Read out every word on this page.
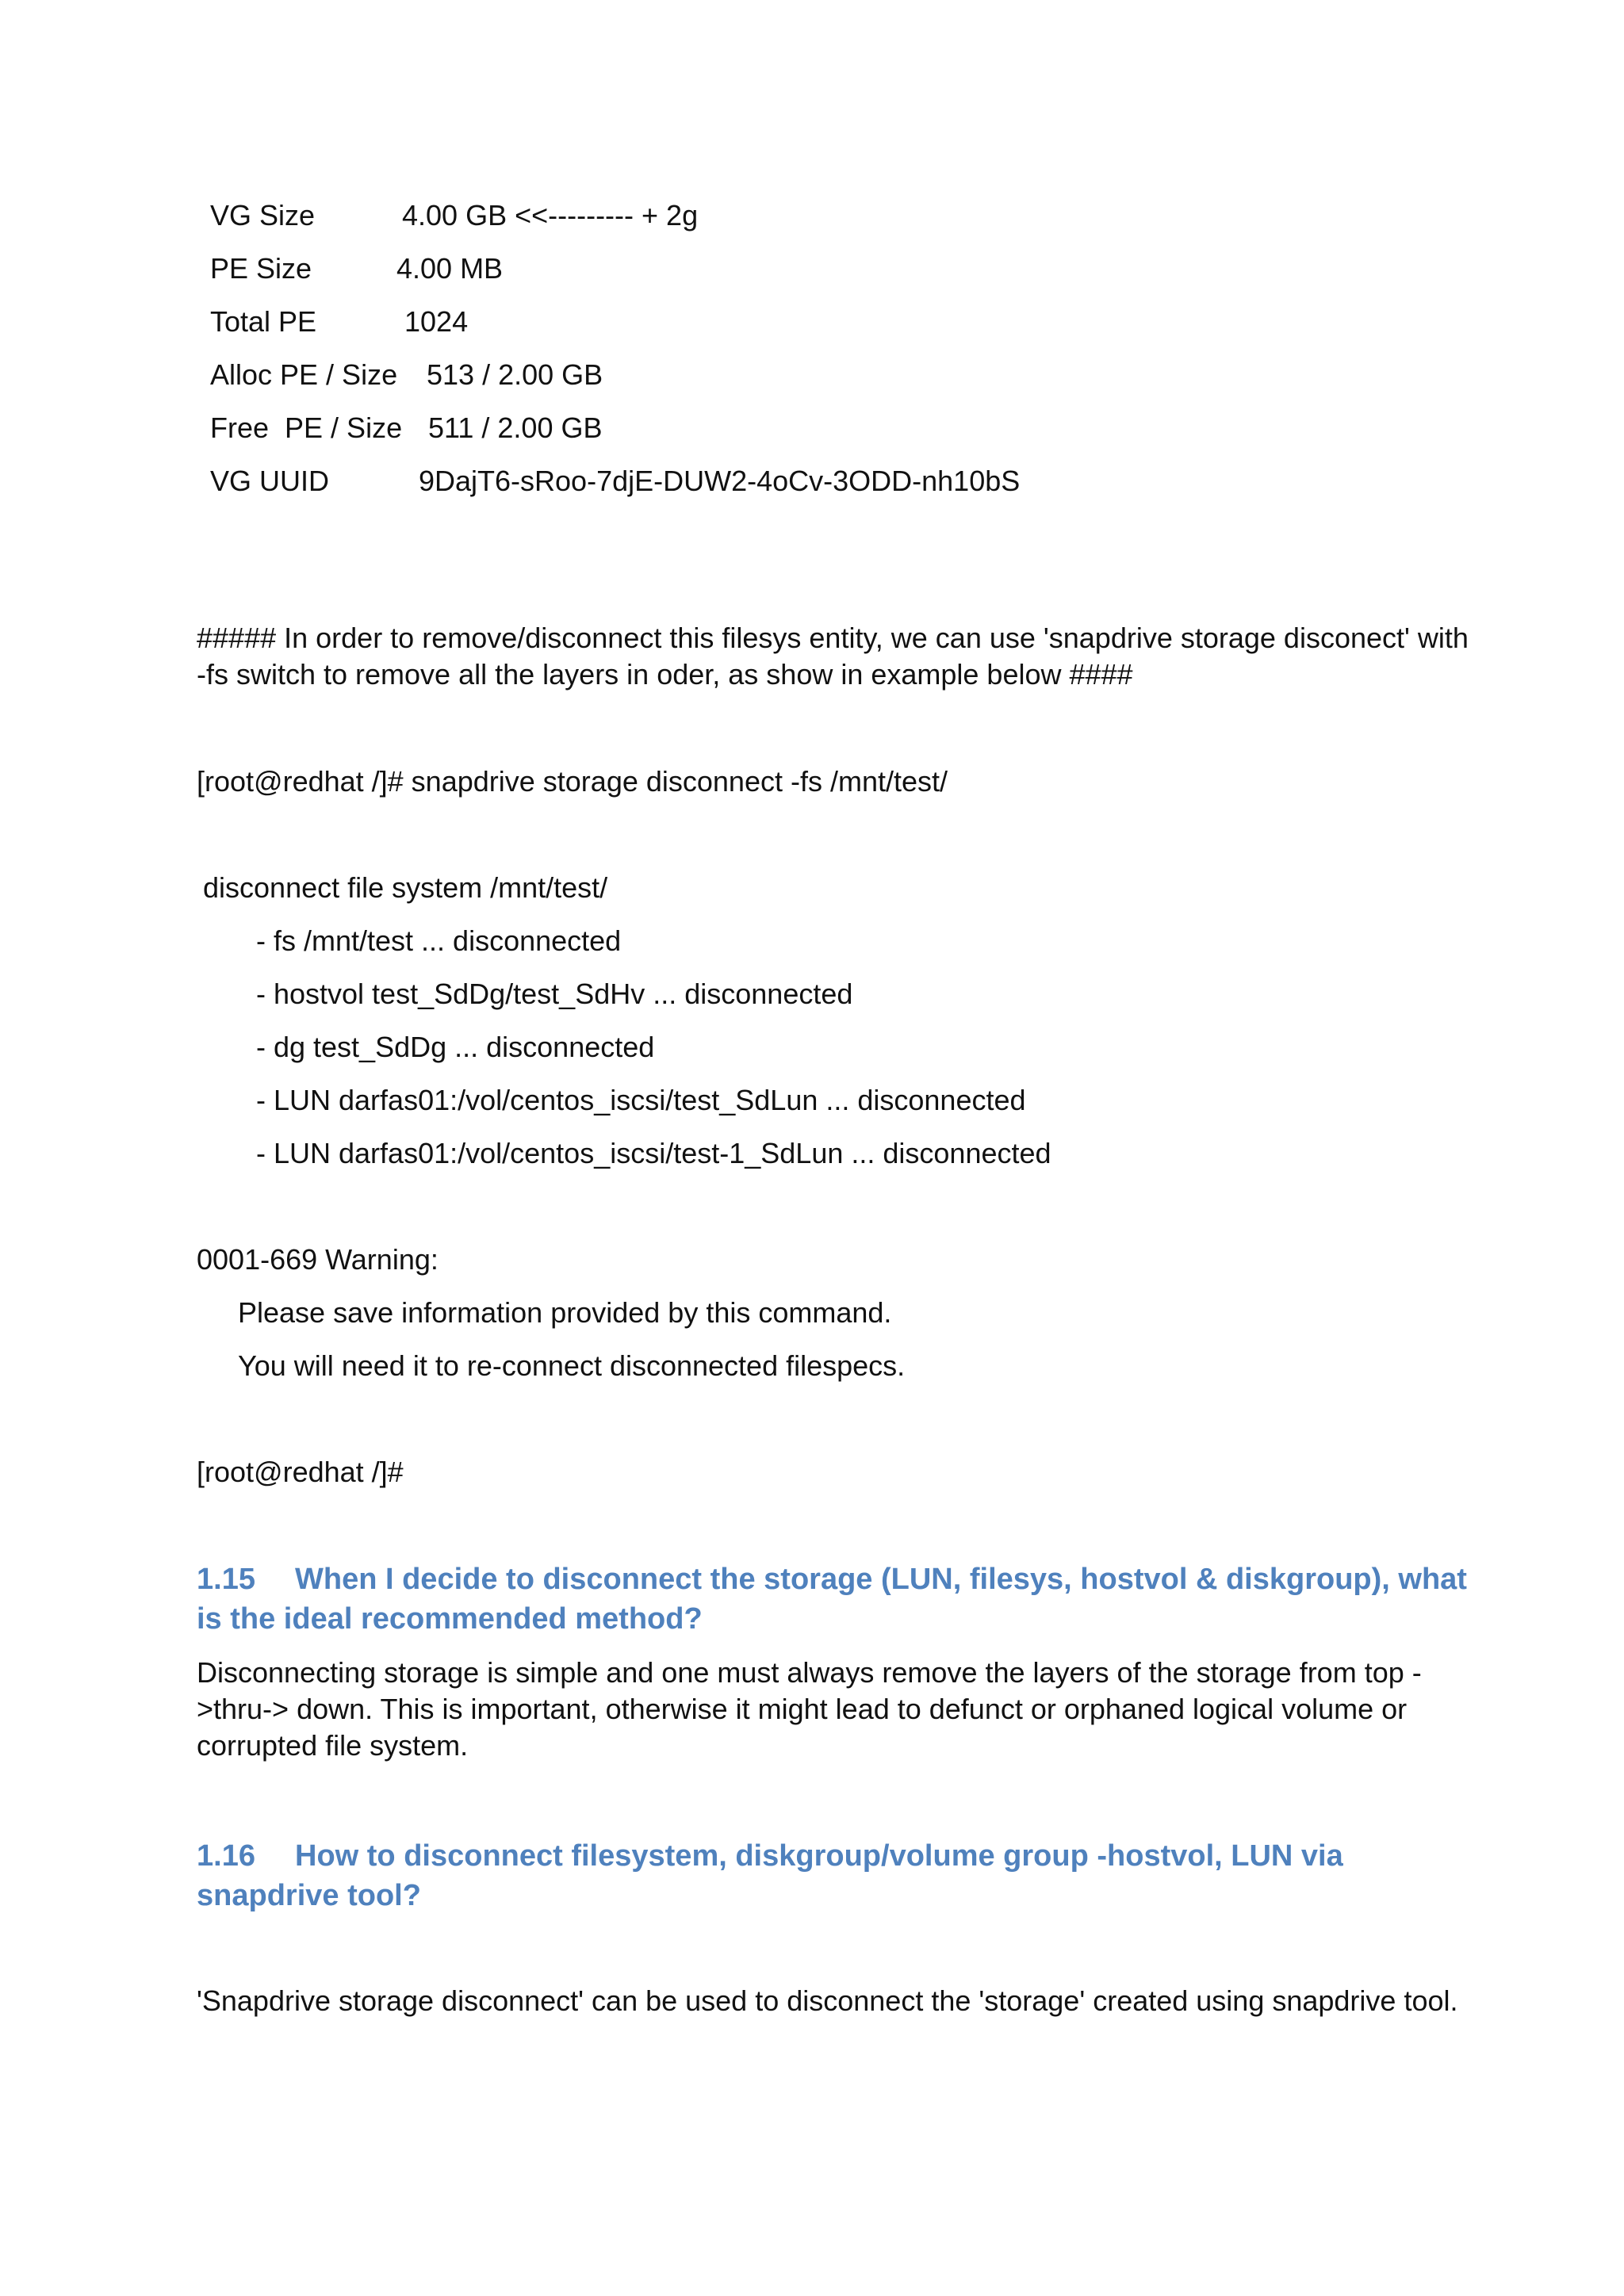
VG Size	4.00 GB <<--------- + 2g
PE Size	4.00 MB
Total PE	1024
Alloc PE / Size 513 / 2.00 GB
Free  PE / Size 511 / 2.00 GB
VG UUID	9DajT6-sRoo-7djE-DUW2-4oCv-3ODD-nh10bS

##### In order to remove/disconnect this filesys entity, we can use 'snapdrive storage disconect' with -fs switch to remove all the layers in oder, as show in example below ####

[root@redhat /]# snapdrive storage disconnect -fs /mnt/test/
disconnect file system /mnt/test/
- fs /mnt/test ... disconnected
- hostvol test_SdDg/test_SdHv ... disconnected
- dg test_SdDg ... disconnected
- LUN darfas01:/vol/centos_iscsi/test_SdLun ... disconnected
- LUN darfas01:/vol/centos_iscsi/test-1_SdLun ... disconnected
0001-669 Warning:
Please save information provided by this command.
You will need it to re-connect disconnected filespecs.
[root@redhat /]#
1.15 When I decide to disconnect the storage (LUN, filesys, hostvol & diskgroup), what is the ideal recommended method?

Disconnecting storage is simple and one must always remove the layers of the storage from top ->thru-> down. This is important, otherwise it might lead to defunct or orphaned logical volume or corrupted file system.

1.16 How to disconnect filesystem, diskgroup/volume group -hostvol, LUN via snapdrive tool?
'Snapdrive storage disconnect' can be used to disconnect the 'storage' created using snapdrive tool.
